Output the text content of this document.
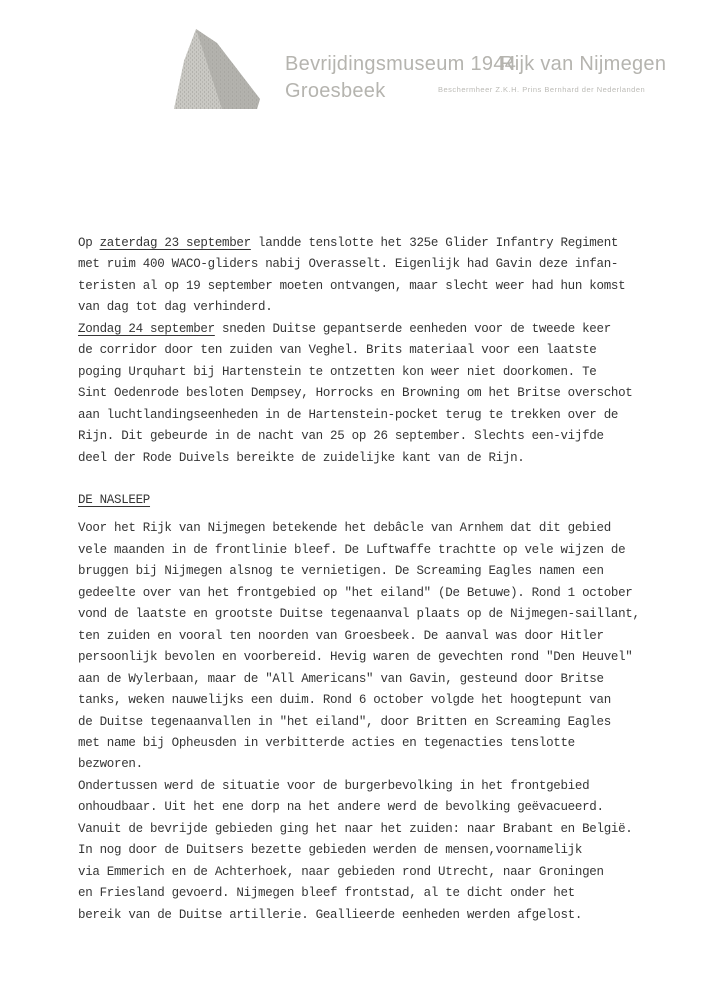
Bevrijdingsmuseum 1944
Rijk van Nijmegen
Groesbeek	Beschermheer Z.K.H. Prins Bernhard der Nederlanden
Op zaterdag 23 september landde tenslotte het 325e Glider Infantry Regiment
met ruim 400 WACO-gliders nabij Overasselt. Eigenlijk had Gavin deze infan-
teristen al op 19 september moeten ontvangen, maar slecht weer had hun komst
van dag tot dag verhinderd.
Zondag 24 september sneden Duitse gepantserde eenheden voor de tweede keer
de corridor door ten zuiden van Veghel. Brits materiaal voor een laatste
poging Urquhart bij Hartenstein te ontzetten kon weer niet doorkomen. Te
Sint Oedenrode besloten Dempsey, Horrocks en Browning om het Britse overschot
aan luchtlandingseenheden in de Hartenstein-pocket terug te trekken over de
Rijn. Dit gebeurde in de nacht van 25 op 26 september. Slechts een-vijfde
deel der Rode Duivels bereikte de zuidelijke kant van de Rijn.
DE NASLEEP
Voor het Rijk van Nijmegen betekende het debâcle van Arnhem dat dit gebied
vele maanden in de frontlinie bleef. De Luftwaffe trachtte op vele wijzen de
bruggen bij Nijmegen alsnog te vernietigen. De Screaming Eagles namen een
gedeelte over van het frontgebied op "het eiland" (De Betuwe). Rond 1 october
vond de laatste en grootste Duitse tegenaanval plaats op de Nijmegen-saillant,
ten zuiden en vooral ten noorden van Groesbeek. De aanval was door Hitler
persoonlijk bevolen en voorbereid. Hevig waren de gevechten rond "Den Heuvel"
aan de Wylerbaan, maar de "All Americans" van Gavin, gesteund door Britse
tanks, weken nauwelijks een duim. Rond 6 october volgde het hoogtepunt van
de Duitse tegenaanvallen in "het eiland", door Britten en Screaming Eagles
met name bij Opheusden in verbitterde acties en tegenacties tenslotte
bezworen.
Ondertussen werd de situatie voor de burgerbevolking in het frontgebied
onhoudbaar. Uit het ene dorp na het andere werd de bevolking geëvacueerd.
Vanuit de bevrijde gebieden ging het naar het zuiden: naar Brabant en België.
In nog door de Duitsers bezette gebieden werden de mensen,voornamelijk
via Emmerich en de Achterhoek, naar gebieden rond Utrecht, naar Groningen
en Friesland gevoerd. Nijmegen bleef frontstad, al te dicht onder het
bereik van de Duitse artillerie. Geallieerde eenheden werden afgelost.
